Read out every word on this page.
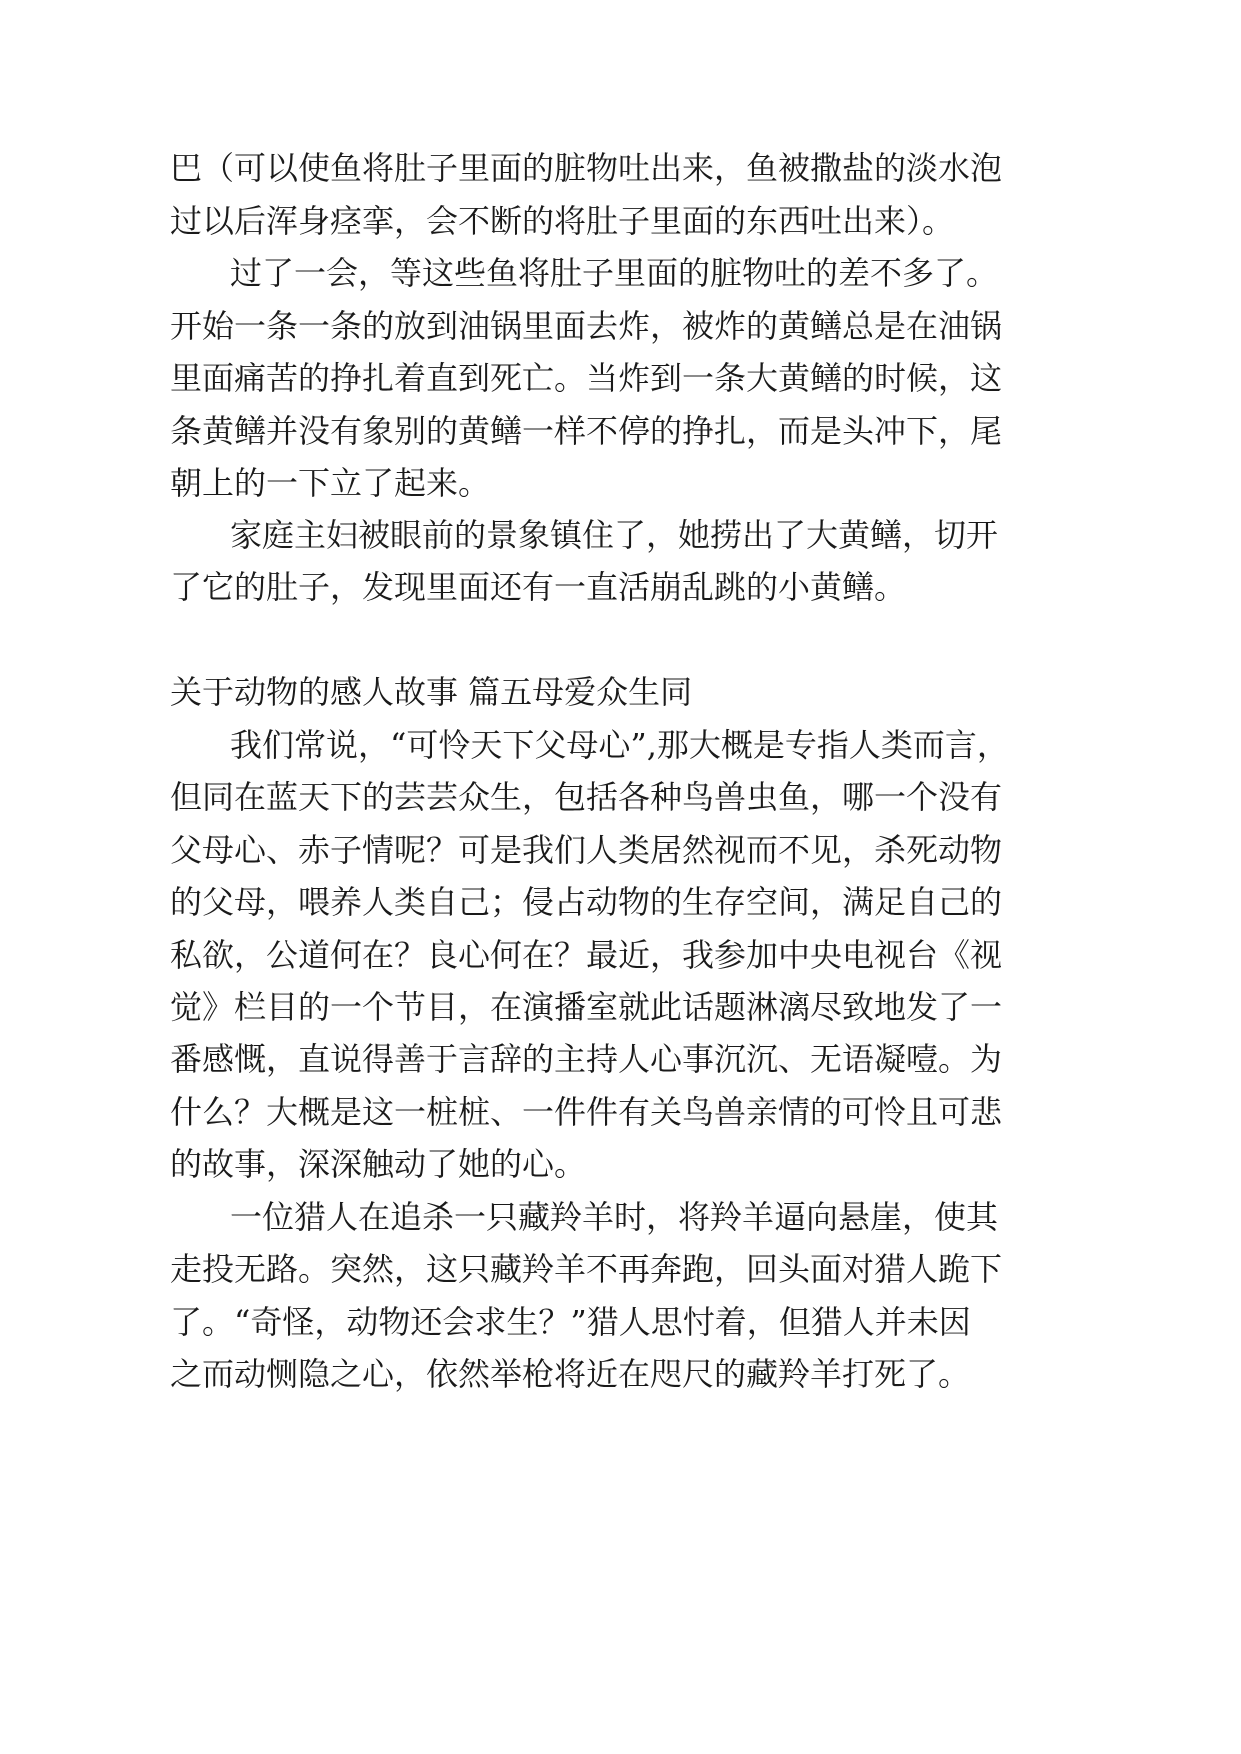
巴（可以使鱼将肚子里面的脏物吐出来，鱼被撒盐的淡水泡
过以后浑身痉挛，会不断的将肚子里面的东西吐出来）。
过了一会，等这些鱼将肚子里面的脏物吐的差不多了。
开始一条一条的放到油锅里面去炸，被炸的黄鳝总是在油锅
里面痛苦的挣扎着直到死亡。当炸到一条大黄鳝的时候，这
条黄鳝并没有象别的黄鳝一样不停的挣扎，而是头冲下，尾
朝上的一下立了起来。
家庭主妇被眼前的景象镇住了，她捞出了大黄鳝，切开
了它的肚子，发现里面还有一直活崩乱跳的小黄鳝。
关于动物的感人故事 篇五母爱众生同
我们常说，“可怜天下父母心”,那大概是专指人类而言，
但同在蓝天下的芸芸众生，包括各种鸟兽虫鱼，哪一个没有
父母心、赤子情呢？可是我们人类居然视而不见，杀死动物
的父母，喂养人类自己；侵占动物的生存空间，满足自己的
私欲，公道何在？良心何在？最近，我参加中央电视台《视
觉》栏目的一个节目，在演播室就此话题淋漓尽致地发了一
番感慨，直说得善于言辞的主持人心事沉沉、无语凝噎。为
什么？大概是这一桩桩、一件件有关鸟兽亲情的可怜且可悲
的故事，深深触动了她的心。
一位猎人在追杀一只藏羚羊时，将羚羊逼向悬崖，使其
走投无路。突然，这只藏羚羊不再奔跑，回头面对猎人跪下
了。“奇怪，动物还会求生？”猎人思忖着，但猎人并未因
之而动恻隐之心，依然举枪将近在咫尺的藏羚羊打死了。
